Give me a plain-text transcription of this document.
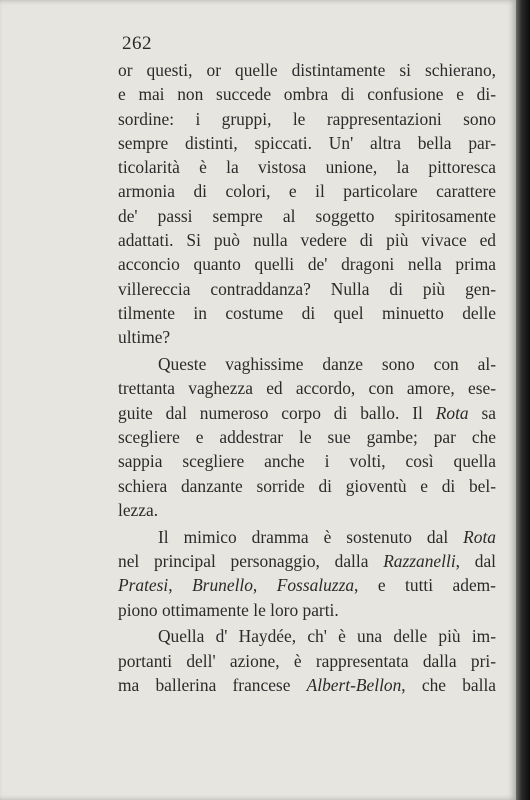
262
or questi, or quelle distintamente si schierano,
e mai non succede ombra di confusione e di-
sordine: i gruppi, le rappresentazioni sono
sempre distinti, spiccati. Un' altra bella par-
ticolarità è la vistosa unione, la pittoresca
armonia di colori, e il particolare carattere
de' passi sempre al soggetto spiritosamente
adattati. Si può nulla vedere di più vivace ed
acconcio quanto quelli de' dragoni nella prima
villereccia contraddanza? Nulla di più gen-
tilmente in costume di quel minuetto delle
ultime?
Queste vaghissime danze sono con al-
trettanta vaghezza ed accordo, con amore, ese-
guite dal numeroso corpo di ballo. Il Rota sa
scegliere e addestrar le sue gambe; par che
sappia scegliere anche i volti, così quella
schiera danzante sorride di gioventù e di bel-
lezza.
Il mimico dramma è sostenuto dal Rota
nel principal personaggio, dalla Razzanelli, dal
Pratesi, Brunello, Fossaluzza, e tutti adem-
piono ottimamente le loro parti.
Quella d' Haydée, ch' è una delle più im-
portanti dell' azione, è rappresentata dalla pri-
ma ballerina francese Albert-Bellon, che balla
